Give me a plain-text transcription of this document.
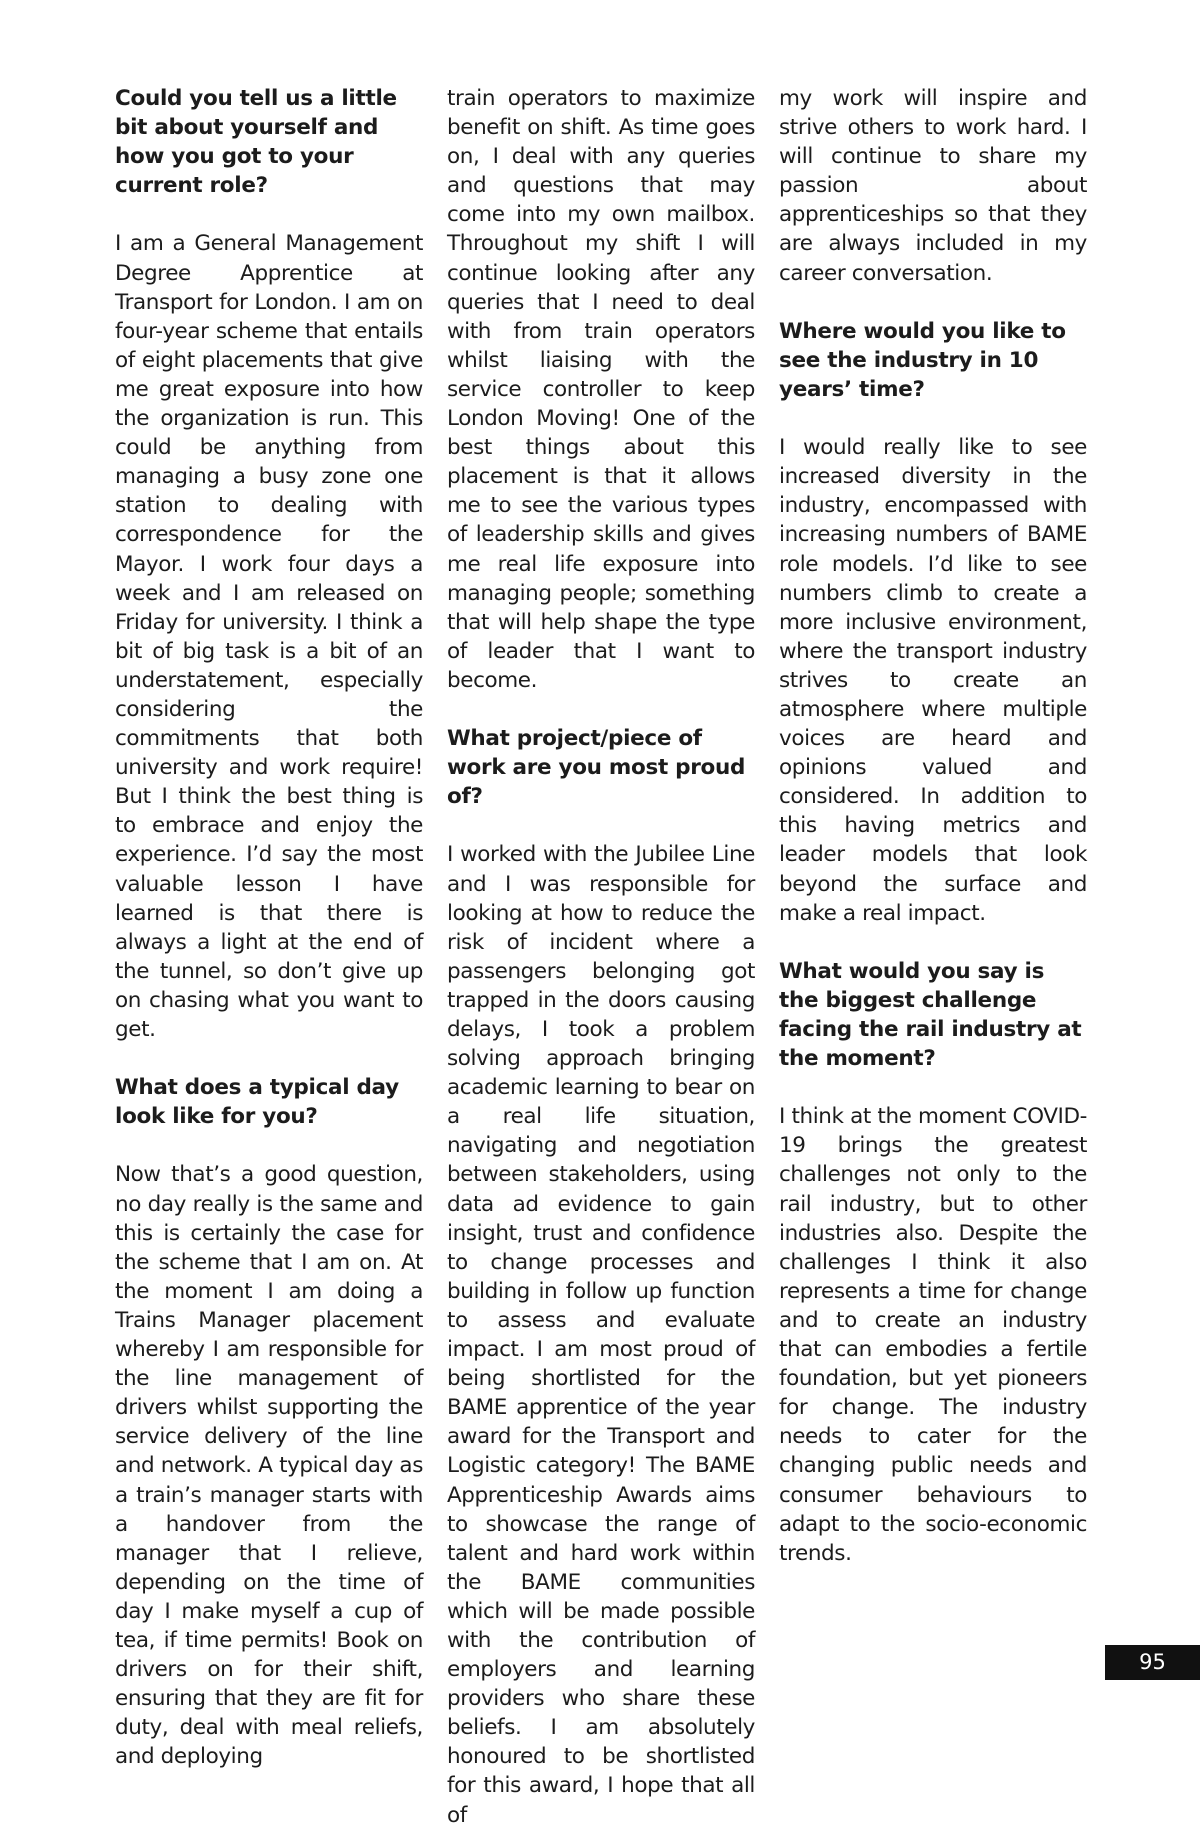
Could you tell us a little bit about yourself and how you got to your current role?

I am a General Management Degree Apprentice at Transport for London. I am on four-year scheme that entails of eight placements that give me great exposure into how the organization is run. This could be anything from managing a busy zone one station to dealing with correspondence for the Mayor. I work four days a week and I am released on Friday for university. I think a bit of big task is a bit of an understatement, especially considering the commitments that both university and work require! But I think the best thing is to embrace and enjoy the experience. I’d say the most valuable lesson I have learned is that there is always a light at the end of the tunnel, so don’t give up on chasing what you want to get.

What does a typical day look like for you?

Now that’s a good question, no day really is the same and this is certainly the case for the scheme that I am on. At the moment I am doing a Trains Manager placement whereby I am responsible for the line management of drivers whilst supporting the service delivery of the line and network. A typical day as a train’s manager starts with a handover from the manager that I relieve, depending on the time of day I make myself a cup of tea, if time permits! Book on drivers on for their shift, ensuring that they are fit for duty, deal with meal reliefs, and deploying

train operators to maximize benefit on shift. As time goes on, I deal with any queries and questions that may come into my own mailbox. Throughout my shift I will continue looking after any queries that I need to deal with from train operators whilst liaising with the service controller to keep London Moving! One of the best things about this placement is that it allows me to see the various types of leadership skills and gives me real life exposure into managing people; something that will help shape the type of leader that I want to become.

What project/piece of work are you most proud of?

I worked with the Jubilee Line and I was responsible for looking at how to reduce the risk of incident where a passengers belonging got trapped in the doors causing delays, I took a problem solving approach bringing academic learning to bear on a real life situation, navigating and negotiation between stakeholders, using data ad evidence to gain insight, trust and confidence to change processes and building in follow up function to assess and evaluate impact. I am most proud of being shortlisted for the BAME apprentice of the year award for the Transport and Logistic category! The BAME Apprenticeship Awards aims to showcase the range of talent and hard work within the BAME communities which will be made possible with the contribution of employers and learning providers who share these beliefs. I am absolutely honoured to be shortlisted for this award, I hope that all of

my work will inspire and strive others to work hard. I will continue to share my passion about apprenticeships so that they are always included in my career conversation.

Where would you like to see the industry in 10 years’ time?

I would really like to see increased diversity in the industry, encompassed with increasing numbers of BAME role models. I’d like to see numbers climb to create a more inclusive environment, where the transport industry strives to create an atmosphere where multiple voices are heard and opinions valued and considered. In addition to this having metrics and leader models that look beyond the surface and make a real impact.

What would you say is the biggest challenge facing the rail industry at the moment?

I think at the moment COVID-19 brings the greatest challenges not only to the rail industry, but to other industries also. Despite the challenges I think it also represents a time for change and to create an industry that can embodies a fertile foundation, but yet pioneers for change. The industry needs to cater for the changing public needs and consumer behaviours to adapt to the socio-economic trends.

95
